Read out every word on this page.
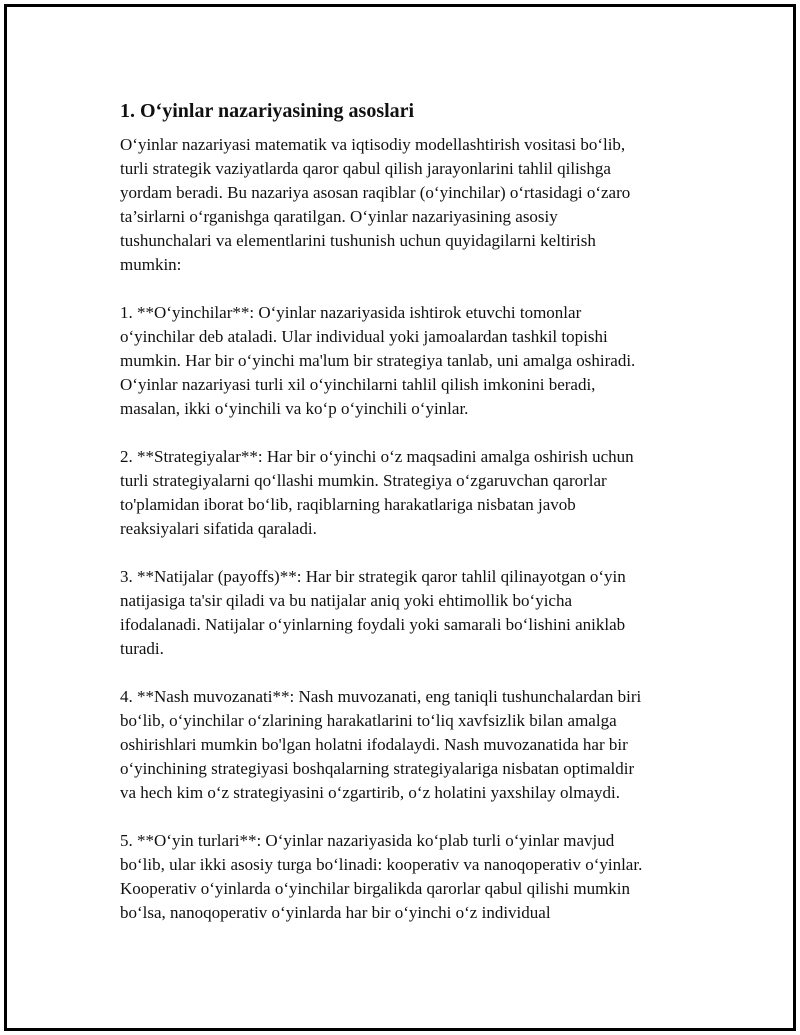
1. O‘yinlar nazariyasining asoslari
O‘yinlar nazariyasi matematik va iqtisodiy modellashtirish vositasi bo‘lib,
turli strategik vaziyatlarda qaror qabul qilish jarayonlarini tahlil qilishga
yordam beradi. Bu nazariya asosan raqiblar (o‘yinchilar) o‘rtasidagi o‘zaro
ta’sirlarni o‘rganishga qaratilgan. O‘yinlar nazariyasining asosiy
tushunchalari va elementlarini tushunish uchun quyidagilarni keltirish
mumkin:
1. **O‘yinchilar**: O‘yinlar nazariyasida ishtirok etuvchi tomonlar
o‘yinchilar deb ataladi. Ular individual yoki jamoalardan tashkil topishi
mumkin. Har bir o‘yinchi ma'lum bir strategiya tanlab, uni amalga oshiradi.
O‘yinlar nazariyasi turli xil o‘yinchilarni tahlil qilish imkonini beradi,
masalan, ikki o‘yinchili va ko‘p o‘yinchili o‘yinlar.
2. **Strategiyalar**: Har bir o‘yinchi o‘z maqsadini amalga oshirish uchun
turli strategiyalarni qo‘llashi mumkin. Strategiya o‘zgaruvchan qarorlar
to'plamidan iborat bo‘lib, raqiblarning harakatlariga nisbatan javob
reaksiyalari sifatida qaraladi.
3. **Natijalar (payoffs)**: Har bir strategik qaror tahlil qilinayotgan o‘yin
natijasiga ta'sir qiladi va bu natijalar aniq yoki ehtimollik bo‘yicha
ifodalanadi. Natijalar o‘yinlarning foydali yoki samarali bo‘lishini aniklab
turadi.
4. **Nash muvozanati**: Nash muvozanati, eng taniqli tushunchalardan biri
bo‘lib, o‘yinchilar o‘zlarining harakatlarini to‘liq xavfsizlik bilan amalga
oshirishlari mumkin bo'lgan holatni ifodalaydi. Nash muvozanatida har bir
o‘yinchining strategiyasi boshqalarning strategiyalariga nisbatan optimaldir
va hech kim o‘z strategiyasini o‘zgartirib, o‘z holatini yaxshilay olmaydi.
5. **O‘yin turlari**: O‘yinlar nazariyasida ko‘plab turli o‘yinlar mavjud
bo‘lib, ular ikki asosiy turga bo‘linadi: kooperativ va nanoqoperativ o‘yinlar.
Kooperativ o‘yinlarda o‘yinchilar birgalikda qarorlar qabul qilishi mumkin
bo‘lsa, nanoqoperativ o‘yinlarda har bir o‘yinchi o‘z individual
